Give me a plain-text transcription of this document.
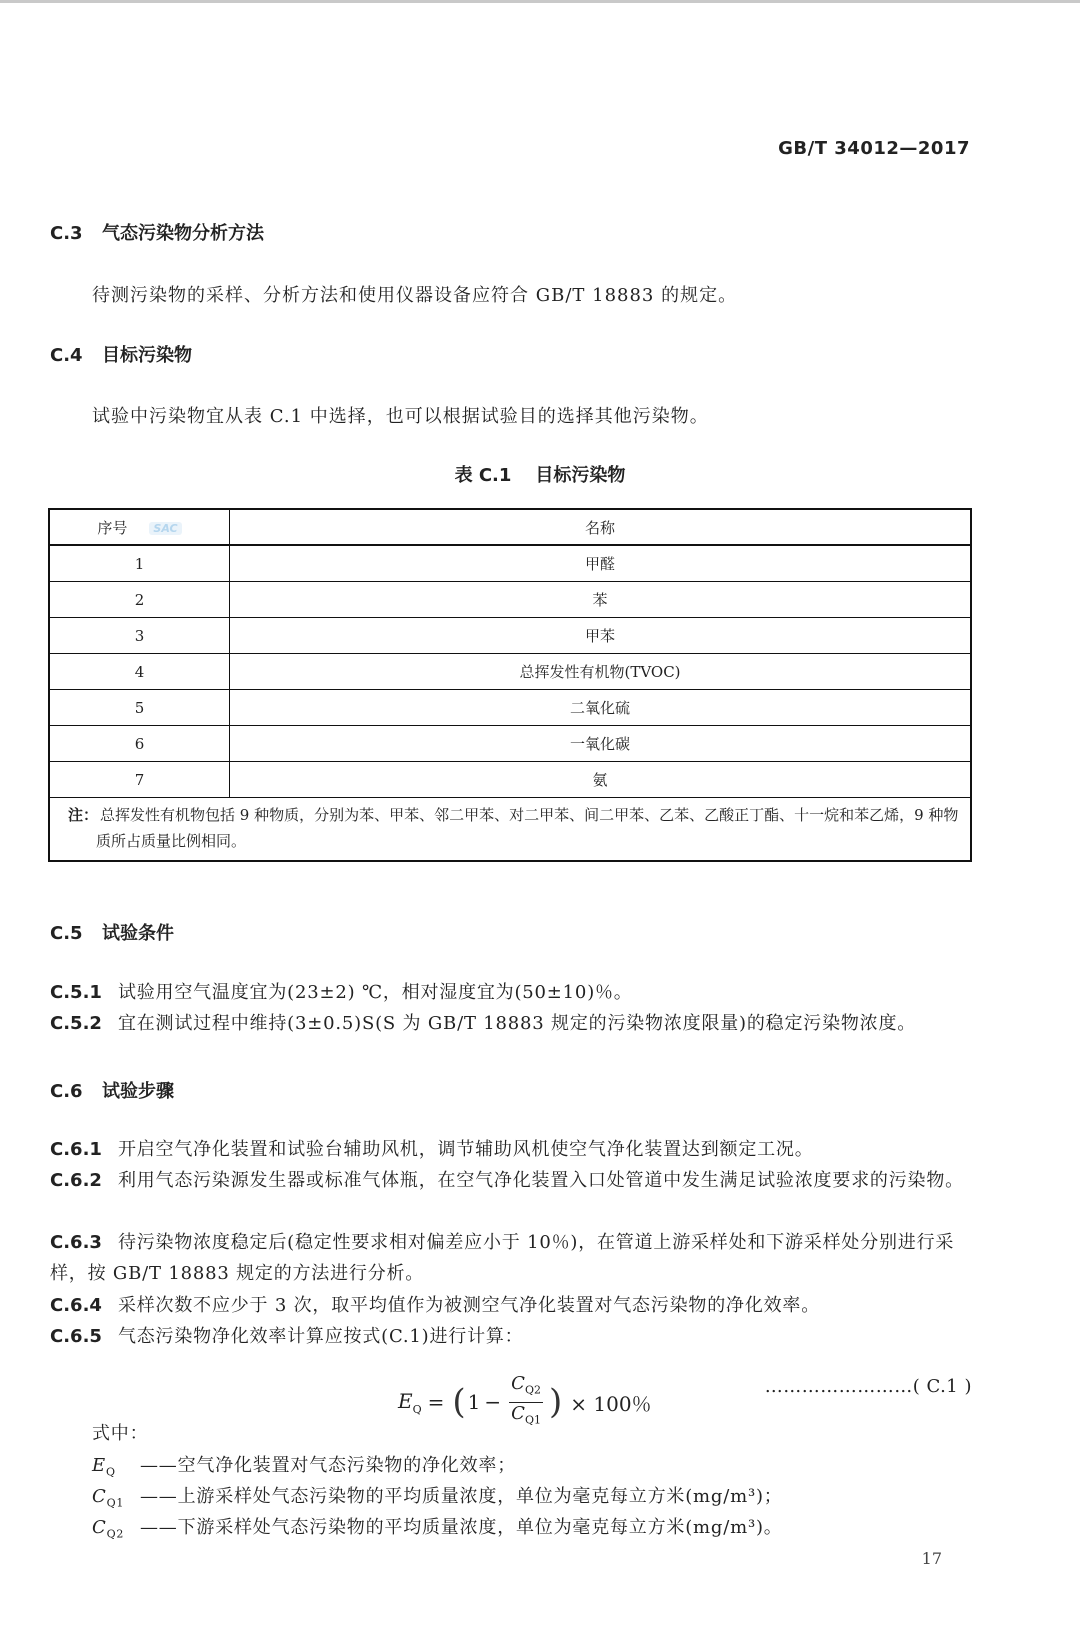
GB/T 34012—2017
C.3 气态污染物分析方法
待测污染物的采样、分析方法和使用仪器设备应符合 GB/T 18883 的规定。
C.4 目标污染物
试验中污染物宜从表 C.1 中选择，也可以根据试验目的选择其他污染物。
表 C.1 目标污染物
序号 SAC	名称
1	甲醛
2	苯
3	甲苯
4	总挥发性有机物(TVOC)
5	二氧化硫
6	一氧化碳
7	氨
注： 总挥发性有机物包括 9 种物质，分别为苯、甲苯、邻二甲苯、对二甲苯、间二甲苯、乙苯、乙酸正丁酯、十一烷和苯乙烯，9 种物质所占质量比例相同。	
C.5 试验条件
C.5.1 试验用空气温度宜为(23±2) ℃，相对湿度宜为(50±10)％。
C.5.2 宜在测试过程中维持(3±0.5)S(S 为 GB/T 18883 规定的污染物浓度限量)的稳定污染物浓度。
C.6 试验步骤
C.6.1 开启空气净化装置和试验台辅助风机，调节辅助风机使空气净化装置达到额定工况。
C.6.2 利用气态污染源发生器或标准气体瓶，在空气净化装置入口处管道中发生满足试验浓度要求的污染物。
C.6.3 待污染物浓度稳定后(稳定性要求相对偏差应小于 10％)，在管道上游采样处和下游采样处分别进行采样，按 GB/T 18883 规定的方法进行分析。
C.6.4 采样次数不应少于 3 次，取平均值作为被测空气净化装置对气态污染物的净化效率。
C.6.5 气态污染物净化效率计算应按式(C.1)进行计算：
$E_Q$ = ( $1 - \frac{C_{Q2}}{C_{Q1}}$ ) × 100％
……………………( C.1 )
式中：
$E_Q$ ——空气净化装置对气态污染物的净化效率；
$C_{Q1}$ ——上游采样处气态污染物的平均质量浓度，单位为毫克每立方米(mg/m³)；
$C_{Q2}$ ——下游采样处气态污染物的平均质量浓度，单位为毫克每立方米(mg/m³)。
17
